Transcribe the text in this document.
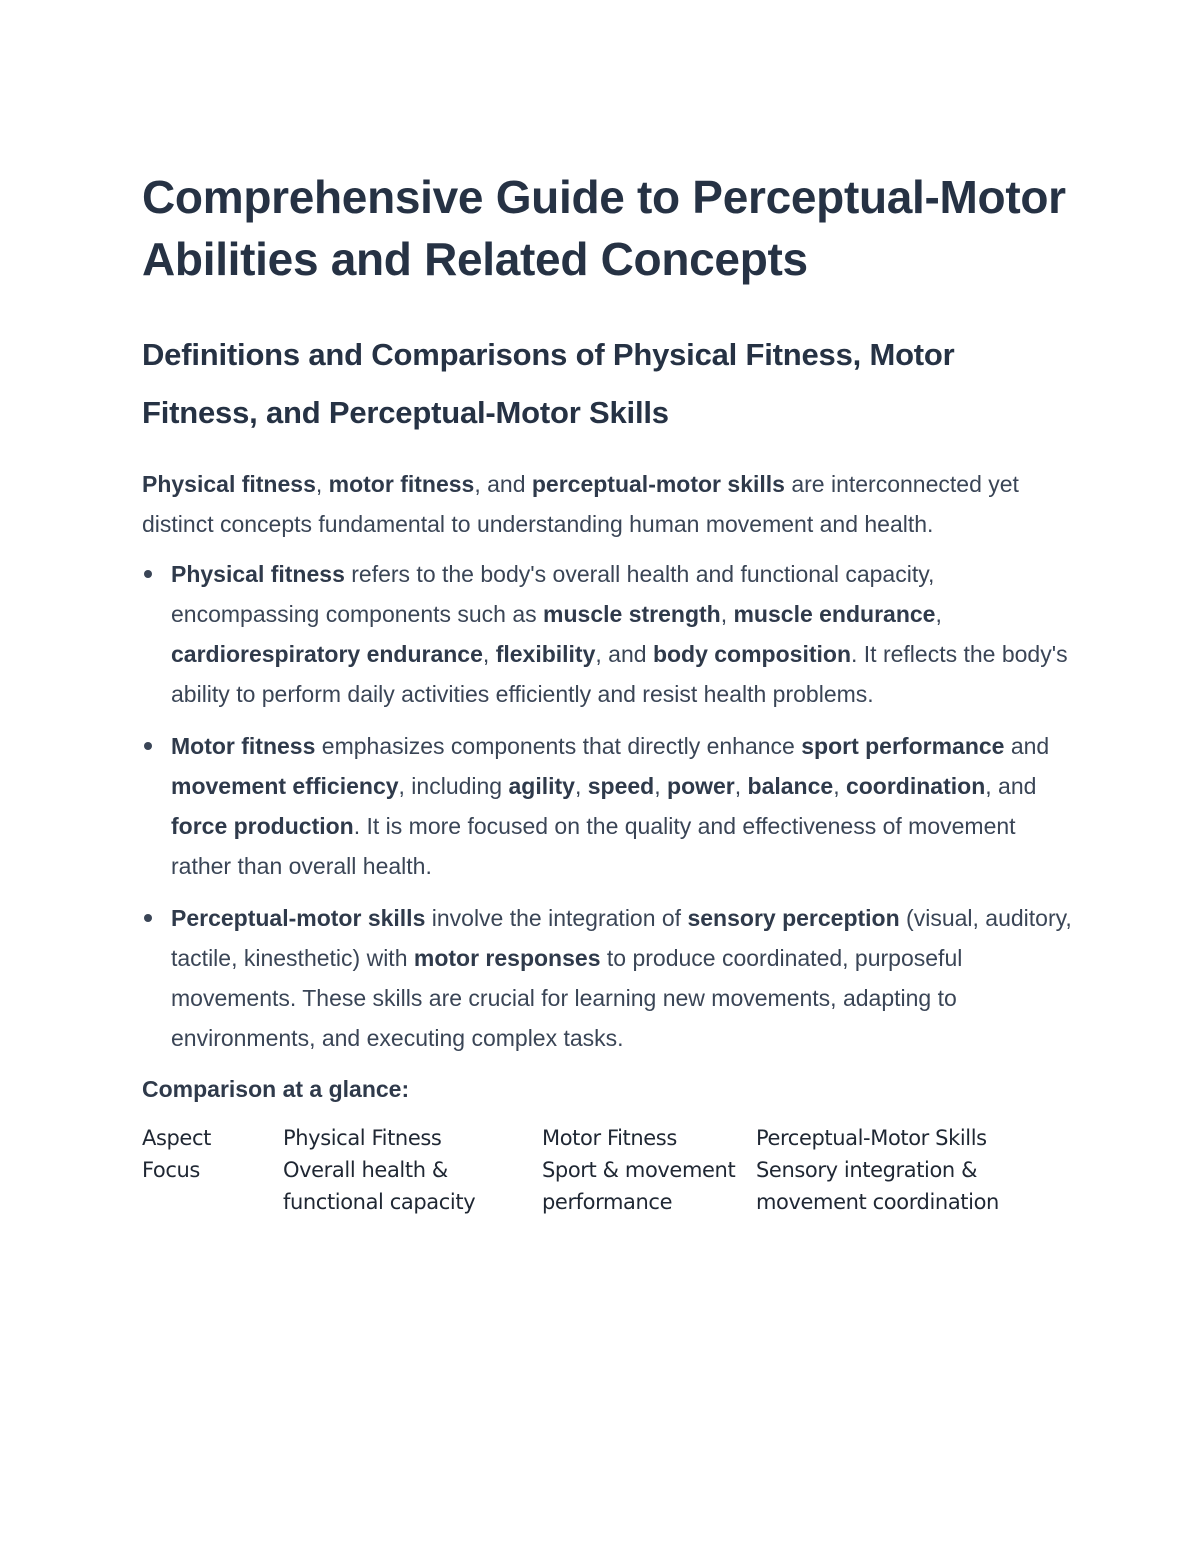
Comprehensive Guide to Perceptual-Motor Abilities and Related Concepts
Definitions and Comparisons of Physical Fitness, Motor Fitness, and Perceptual-Motor Skills

Physical fitness, motor fitness, and perceptual-motor skills are interconnected yet distinct concepts fundamental to understanding human movement and health.

Physical fitness refers to the body's overall health and functional capacity, encompassing components such as muscle strength, muscle endurance, cardiorespiratory endurance, flexibility, and body composition. It reflects the body's ability to perform daily activities efficiently and resist health problems.
Motor fitness emphasizes components that directly enhance sport performance and movement efficiency, including agility, speed, power, balance, coordination, and force production. It is more focused on the quality and effectiveness of movement rather than overall health.
Perceptual-motor skills involve the integration of sensory perception (visual, auditory, tactile, kinesthetic) with motor responses to produce coordinated, purposeful movements. These skills are crucial for learning new movements, adapting to environments, and executing complex tasks.
Comparison at a glance:
Aspect	Physical Fitness	Motor Fitness	Perceptual-Motor Skills
Focus	Overall health & functional capacity	Sport & movement performance	Sensory integration & movement coordination
